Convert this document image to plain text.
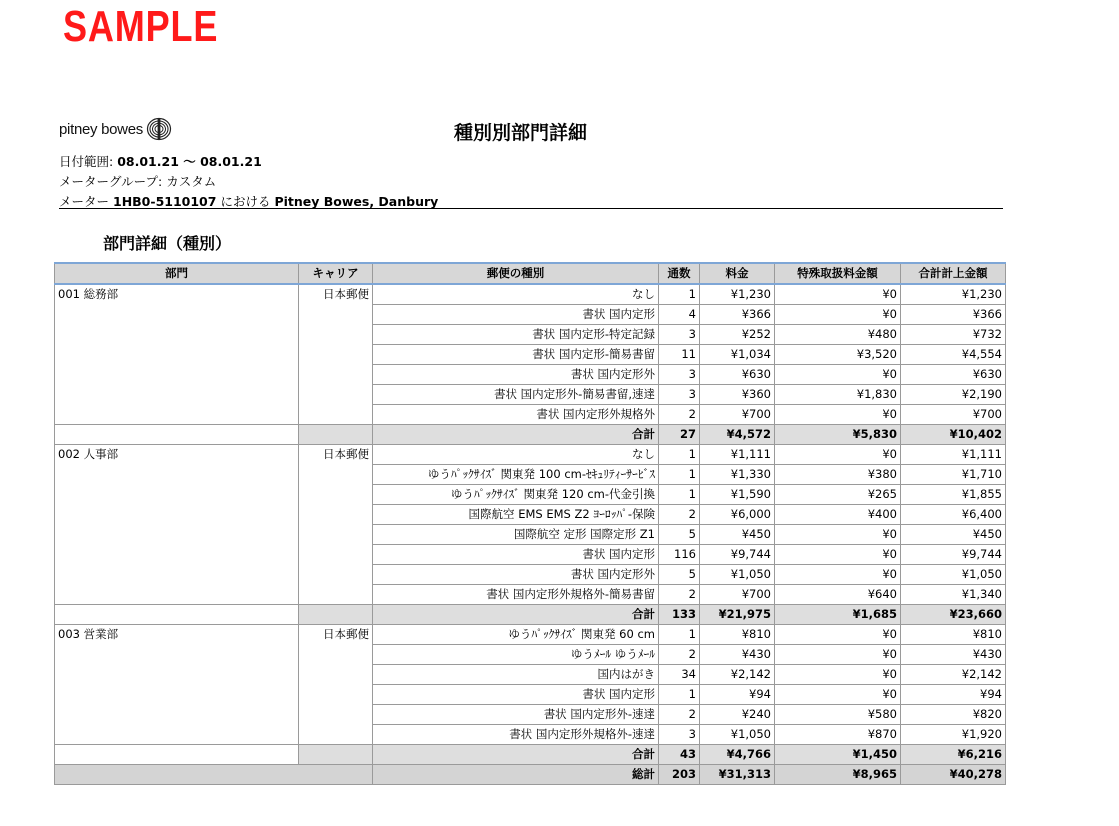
SAMPLE
pitney bowes	種別別部門詳細
日付範囲: 08.01.21 ～ 08.01.21
メーターグループ: カスタム
メーター 1HB0-5110107 における Pitney Bowes, Danbury
部門詳細（種別）
部門	キャリア	郵便の種別	通数	料金	特殊取扱料金額	合計計上金額
001 総務部	日本郵便	なし	1	¥1,230	¥0	¥1,230
		書状 国内定形	4	¥366	¥0	¥366
		書状 国内定形-特定記録	3	¥252	¥480	¥732
		書状 国内定形-簡易書留	11	¥1,034	¥3,520	¥4,554
		書状 国内定形外	3	¥630	¥0	¥630
		書状 国内定形外-簡易書留,速達	3	¥360	¥1,830	¥2,190
		書状 国内定形外規格外	2	¥700	¥0	¥700
		合計	27	¥4,572	¥5,830	¥10,402
002 人事部	日本郵便	なし	1	¥1,111	¥0	¥1,111
		ゆうﾊﾟｯｸｻｲｽﾞ 関東発 100 cm-ｾｷｭﾘﾃｨｰｻｰﾋﾞｽ	1	¥1,330	¥380	¥1,710
		ゆうﾊﾟｯｸｻｲｽﾞ 関東発 120 cm-代金引換	1	¥1,590	¥265	¥1,855
		国際航空 EMS EMS Z2 ﾖｰﾛｯﾊﾟ-保険	2	¥6,000	¥400	¥6,400
		国際航空 定形 国際定形 Z1	5	¥450	¥0	¥450
		書状 国内定形	116	¥9,744	¥0	¥9,744
		書状 国内定形外	5	¥1,050	¥0	¥1,050
		書状 国内定形外規格外-簡易書留	2	¥700	¥640	¥1,340
		合計	133	¥21,975	¥1,685	¥23,660
003 営業部	日本郵便	ゆうﾊﾟｯｸｻｲｽﾞ 関東発 60 cm	1	¥810	¥0	¥810
		ゆうﾒｰﾙ ゆうﾒｰﾙ	2	¥430	¥0	¥430
		国内はがき	34	¥2,142	¥0	¥2,142
		書状 国内定形	1	¥94	¥0	¥94
		書状 国内定形外-速達	2	¥240	¥580	¥820
		書状 国内定形外規格外-速達	3	¥1,050	¥870	¥1,920
		合計	43	¥4,766	¥1,450	¥6,216
		総計	203	¥31,313	¥8,965	¥40,278
